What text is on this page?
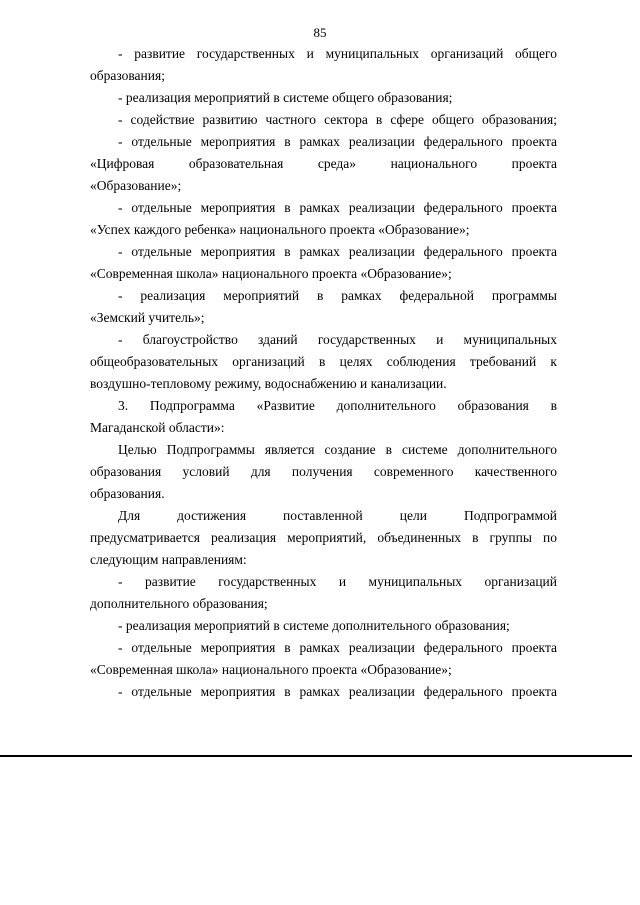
85
- развитие государственных и муниципальных организаций общего
образования;
- реализация мероприятий в системе общего образования;
- содействие развитию частного сектора в сфере общего образования;
- отдельные мероприятия в рамках реализации федерального проекта
«Цифровая образовательная среда» национального проекта
«Образование»;
- отдельные мероприятия в рамках реализации федерального проекта
«Успех каждого ребенка» национального проекта «Образование»;
- отдельные мероприятия в рамках реализации федерального проекта
«Современная школа» национального проекта «Образование»;
- реализация мероприятий в рамках федеральной программы
«Земский учитель»;
- благоустройство зданий государственных и муниципальных
общеобразовательных организаций в целях соблюдения требований к
воздушно-тепловому режиму, водоснабжению и канализации.
3. Подпрограмма «Развитие дополнительного образования в
Магаданской области»:
Целью Подпрограммы является создание в системе дополнительного
образования условий для получения современного качественного
образования.
Для достижения поставленной цели Подпрограммой
предусматривается реализация мероприятий, объединенных в группы по
следующим направлениям:
- развитие государственных и муниципальных организаций
дополнительного образования;
- реализация мероприятий в системе дополнительного образования;
- отдельные мероприятия в рамках реализации федерального проекта
«Современная школа» национального проекта «Образование»;
- отдельные мероприятия в рамках реализации федерального проекта
